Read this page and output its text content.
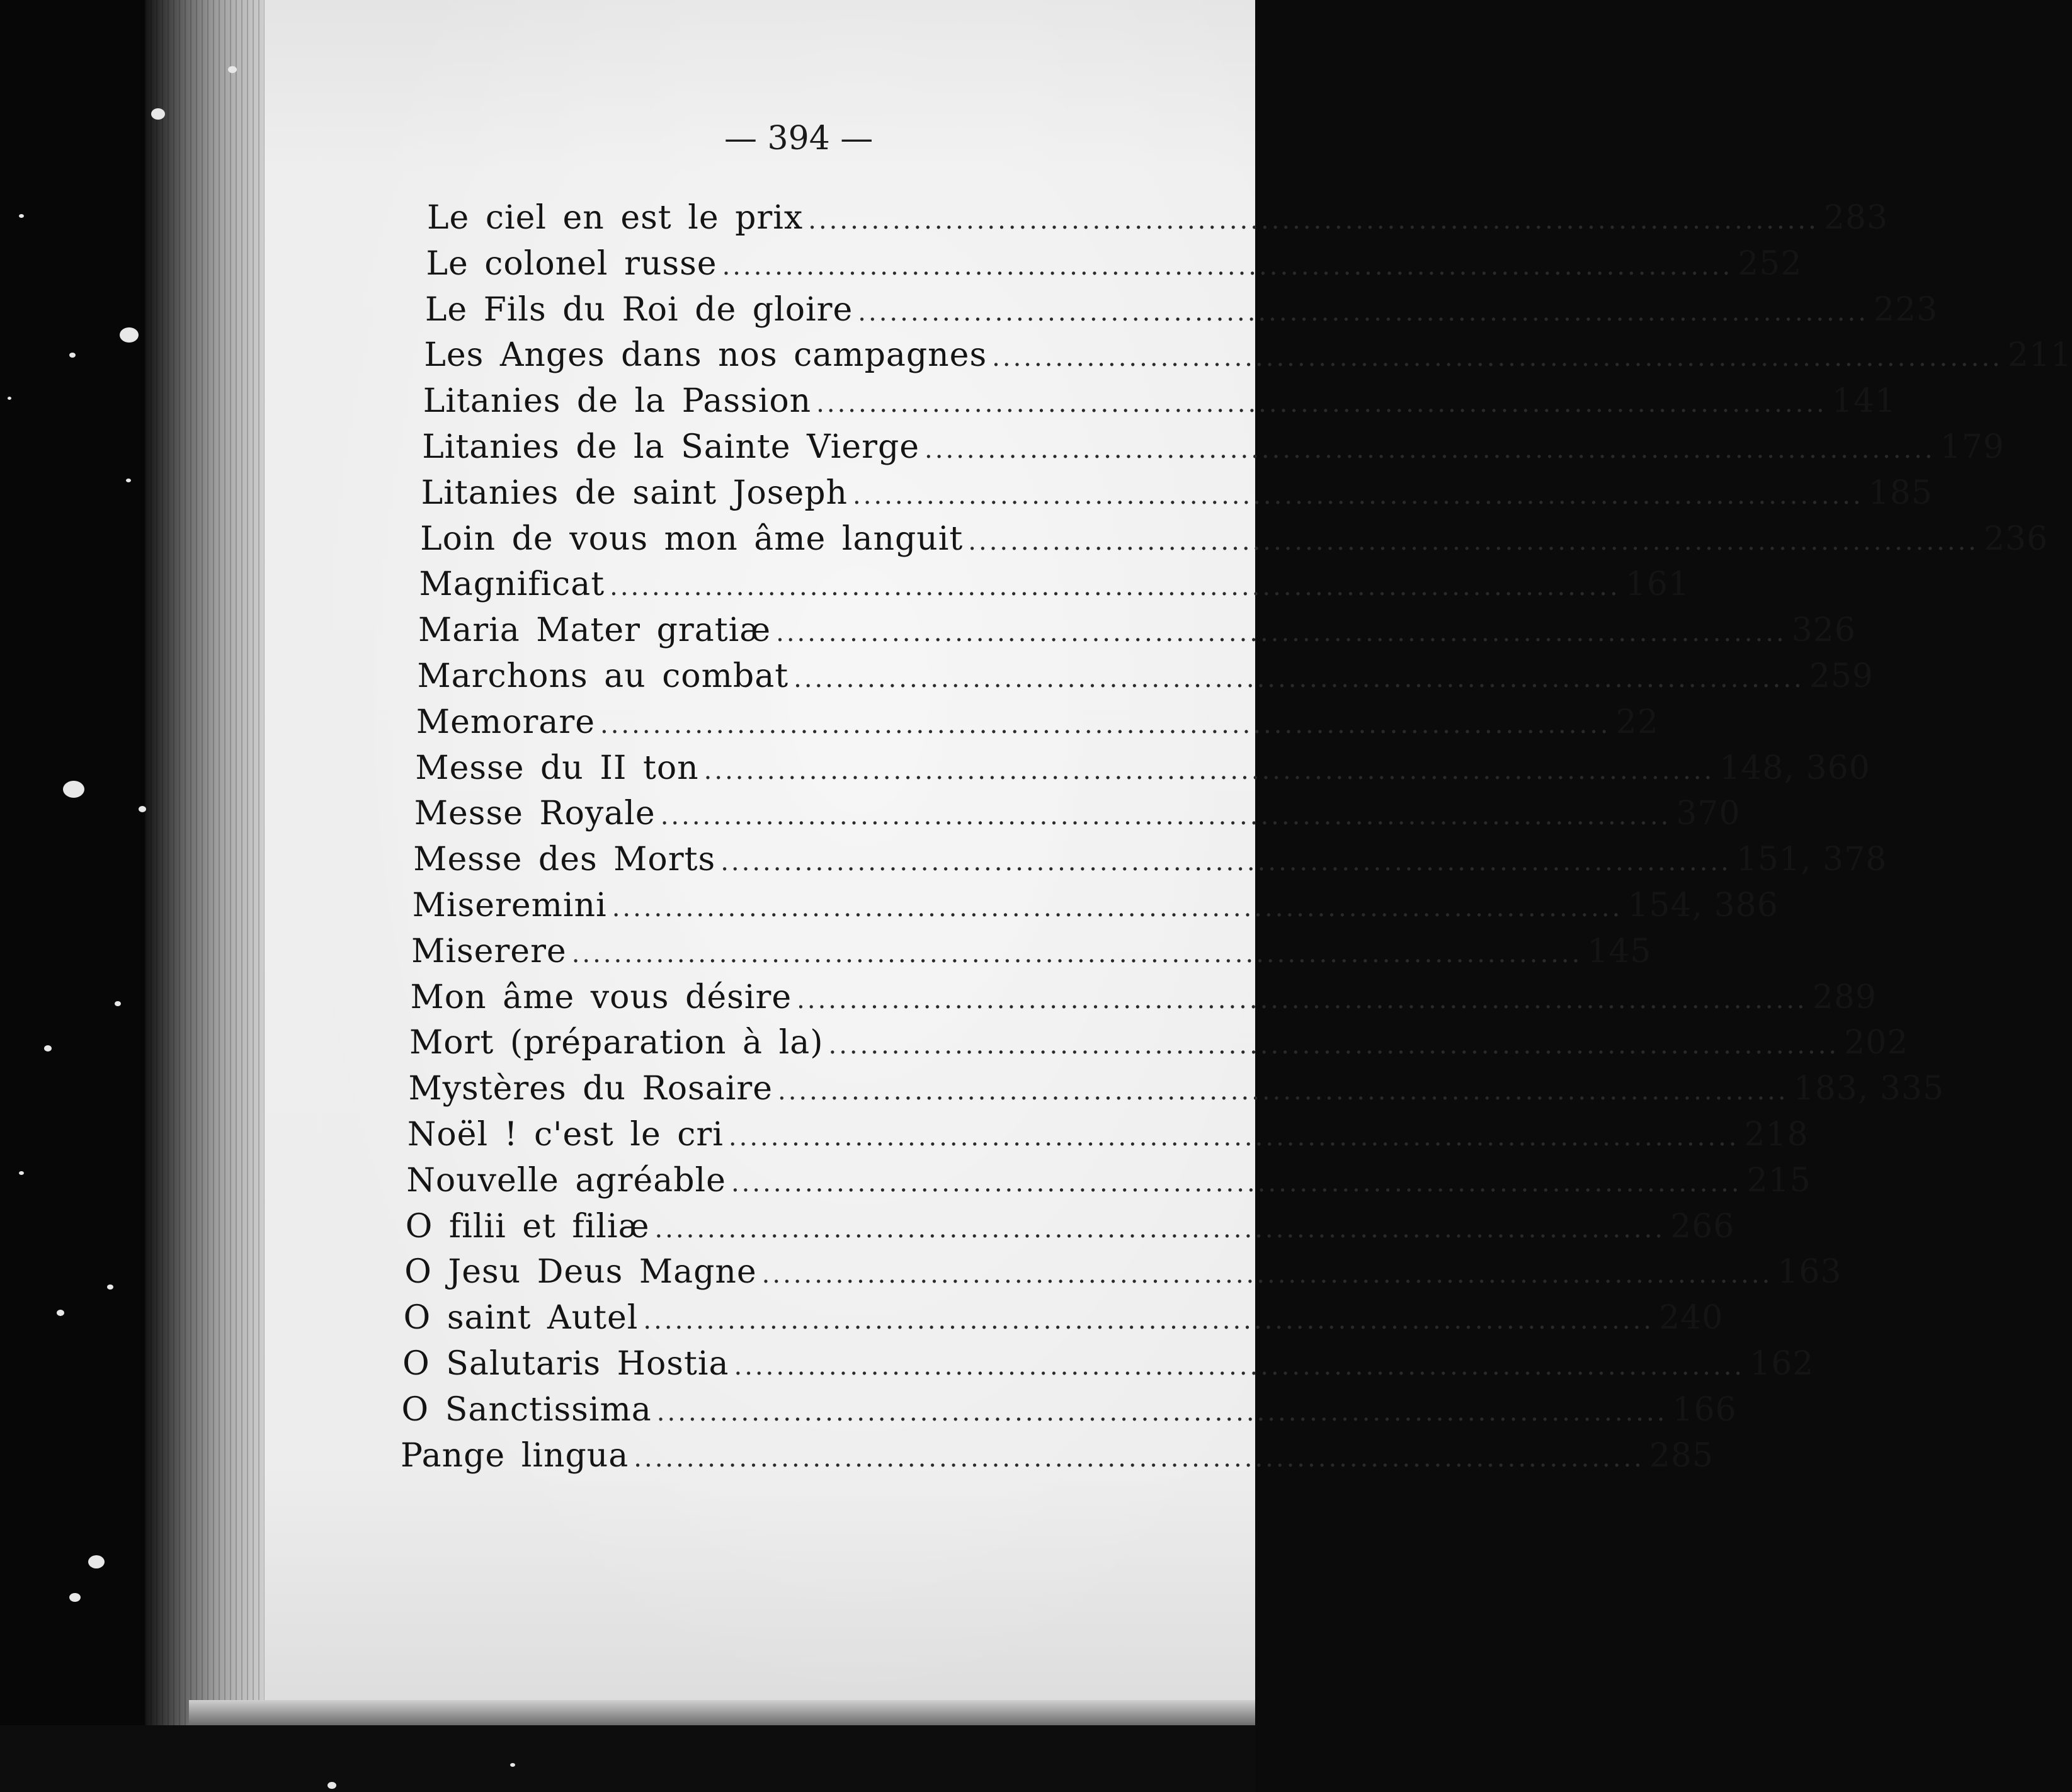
— 394 —
Le ciel en est le prix ................................................................................................ 283
Le colonel russe ................................................................................................ 252
Le Fils du Roi de gloire ................................................................................................ 223
Les Anges dans nos campagnes ................................................................................................ 211
Litanies de la Passion ................................................................................................ 141
Litanies de la Sainte Vierge ................................................................................................ 179
Litanies de saint Joseph ................................................................................................ 185
Loin de vous mon âme languit ................................................................................................ 236
Magnificat ................................................................................................ 161
Maria Mater gratiæ ................................................................................................ 326
Marchons au combat ................................................................................................ 259
Memorare ................................................................................................ 22
Messe du II ton ................................................................................................ 148, 360
Messe Royale ................................................................................................ 370
Messe des Morts ................................................................................................ 151, 378
Miseremini ................................................................................................ 154, 386
Miserere ................................................................................................ 145
Mon âme vous désire ................................................................................................ 289
Mort (préparation à la) ................................................................................................ 202
Mystères du Rosaire ................................................................................................ 183, 335
Noël ! c'est le cri ................................................................................................ 218
Nouvelle agréable ................................................................................................ 215
O filii et filiæ ................................................................................................ 266
O Jesu Deus Magne ................................................................................................ 163
O saint Autel ................................................................................................ 240
O Salutaris Hostia ................................................................................................ 162
O Sanctissima ................................................................................................ 166
Pange lingua ................................................................................................ 285
